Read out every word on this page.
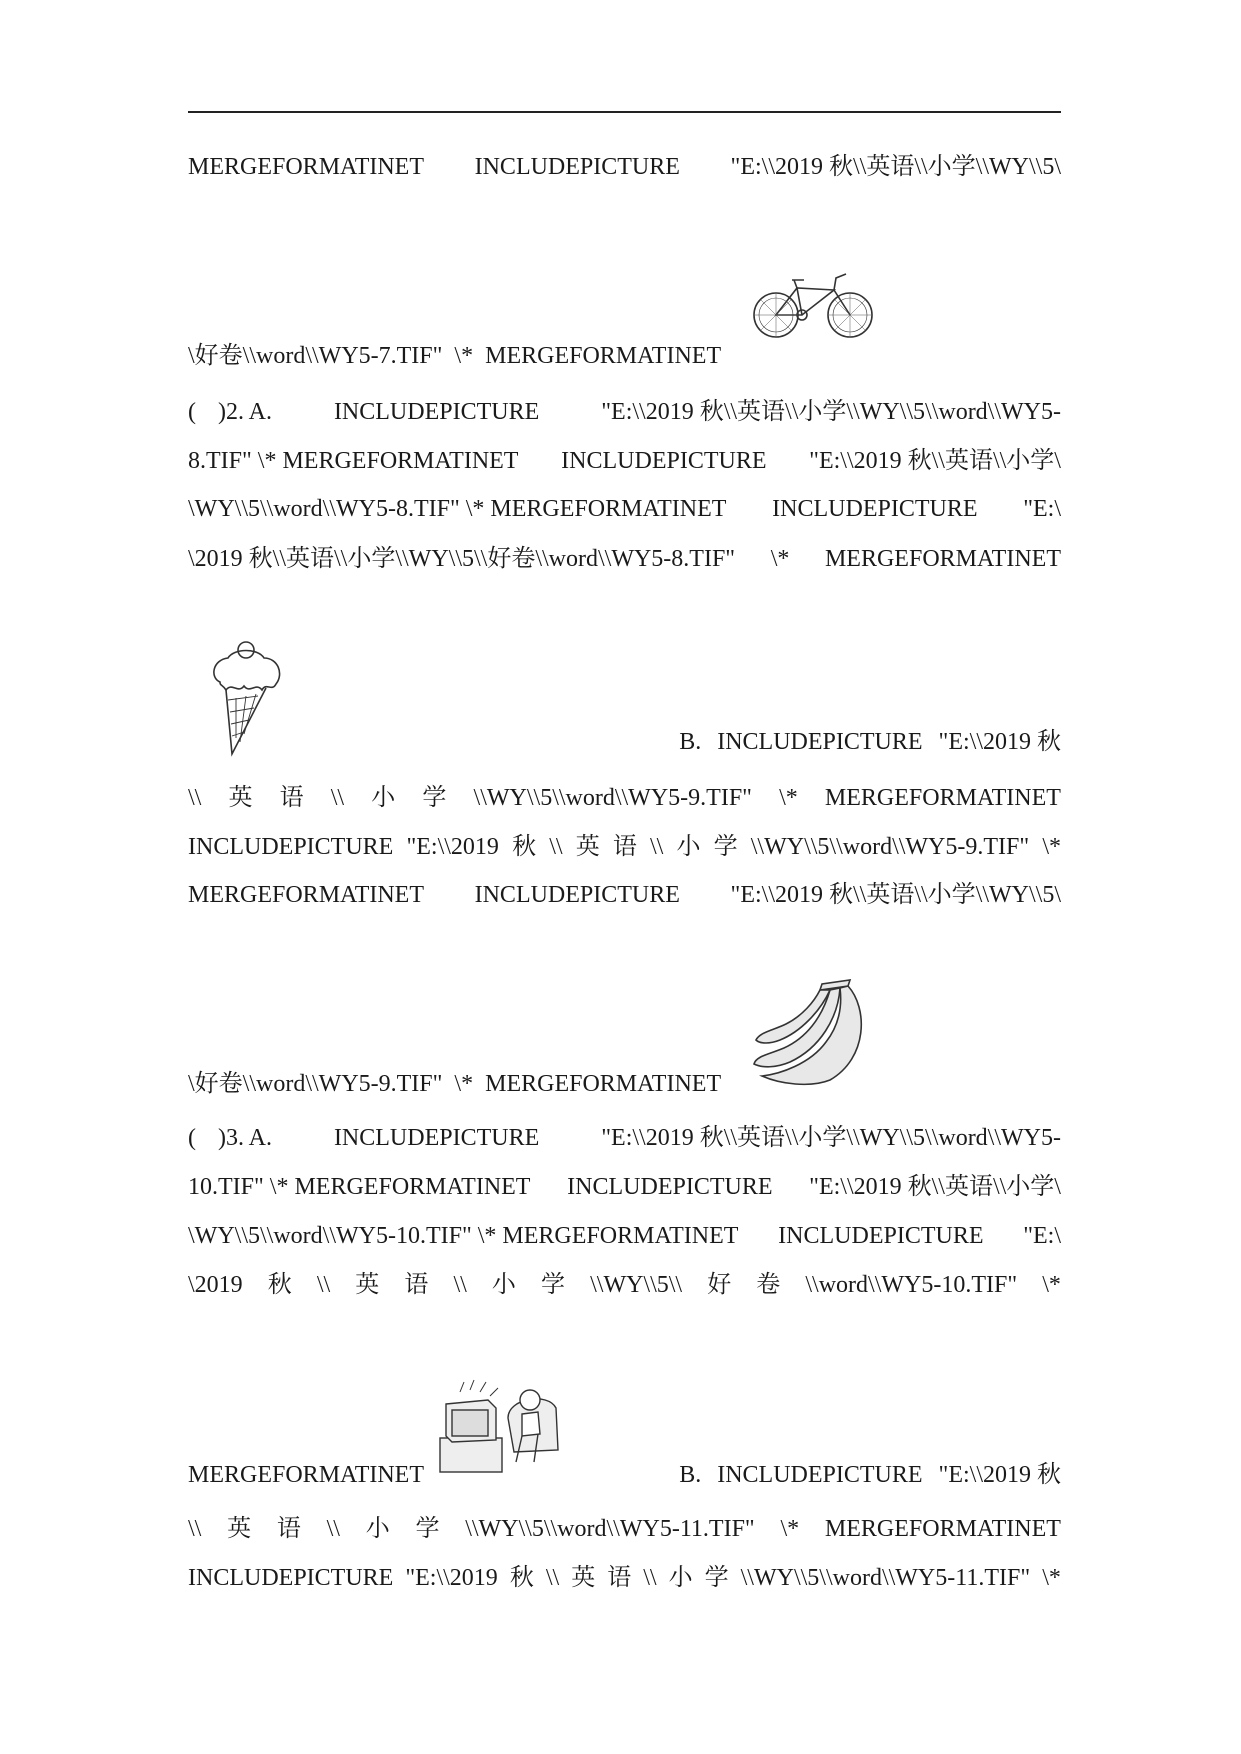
MERGEFORMATINET INCLUDEPICTURE "E:\\2019 秋\\英语\\小学\\WY\\5\
\好卷\\word\\WY5-7.TIF"  \*  MERGEFORMATINET
( )2. A.	INCLUDEPICTURE	"E:\\2019 秋\\英语\\小学\\WY\\5\\word\\WY5-
8.TIF" \* MERGEFORMATINET INCLUDEPICTURE "E:\\2019 秋\\英语\\小学\
\WY\\5\\word\\WY5-8.TIF" \* MERGEFORMATINET INCLUDEPICTURE "E:\
\2019 秋\\英语\\小学\\WY\\5\\好卷\\word\\WY5-8.TIF" \* MERGEFORMATINET
B. INCLUDEPICTURE "E:\\2019 秋
\\ 英 语 \\ 小 学 \\WY\\5\\word\\WY5-9.TIF" \* MERGEFORMATINET
INCLUDEPICTURE "E:\\2019 秋 \\ 英 语 \\ 小 学 \\WY\\5\\word\\WY5-9.TIF" \*
MERGEFORMATINET INCLUDEPICTURE "E:\\2019 秋\\英语\\小学\\WY\\5\
\好卷\\word\\WY5-9.TIF"  \*  MERGEFORMATINET
( )3. A.	INCLUDEPICTURE	"E:\\2019 秋\\英语\\小学\\WY\\5\\word\\WY5-
10.TIF" \* MERGEFORMATINET INCLUDEPICTURE "E:\\2019 秋\\英语\\小学\
\WY\\5\\word\\WY5-10.TIF" \* MERGEFORMATINET INCLUDEPICTURE "E:\
\2019 秋 \\ 英 语 \\ 小 学 \\WY\\5\\ 好 卷 \\word\\WY5-10.TIF" \*
MERGEFORMATINET	B. INCLUDEPICTURE "E:\\2019 秋
\\ 英 语 \\ 小 学 \\WY\\5\\word\\WY5-11.TIF" \* MERGEFORMATINET
INCLUDEPICTURE "E:\\2019 秋 \\ 英 语 \\ 小 学 \\WY\\5\\word\\WY5-11.TIF" \*
